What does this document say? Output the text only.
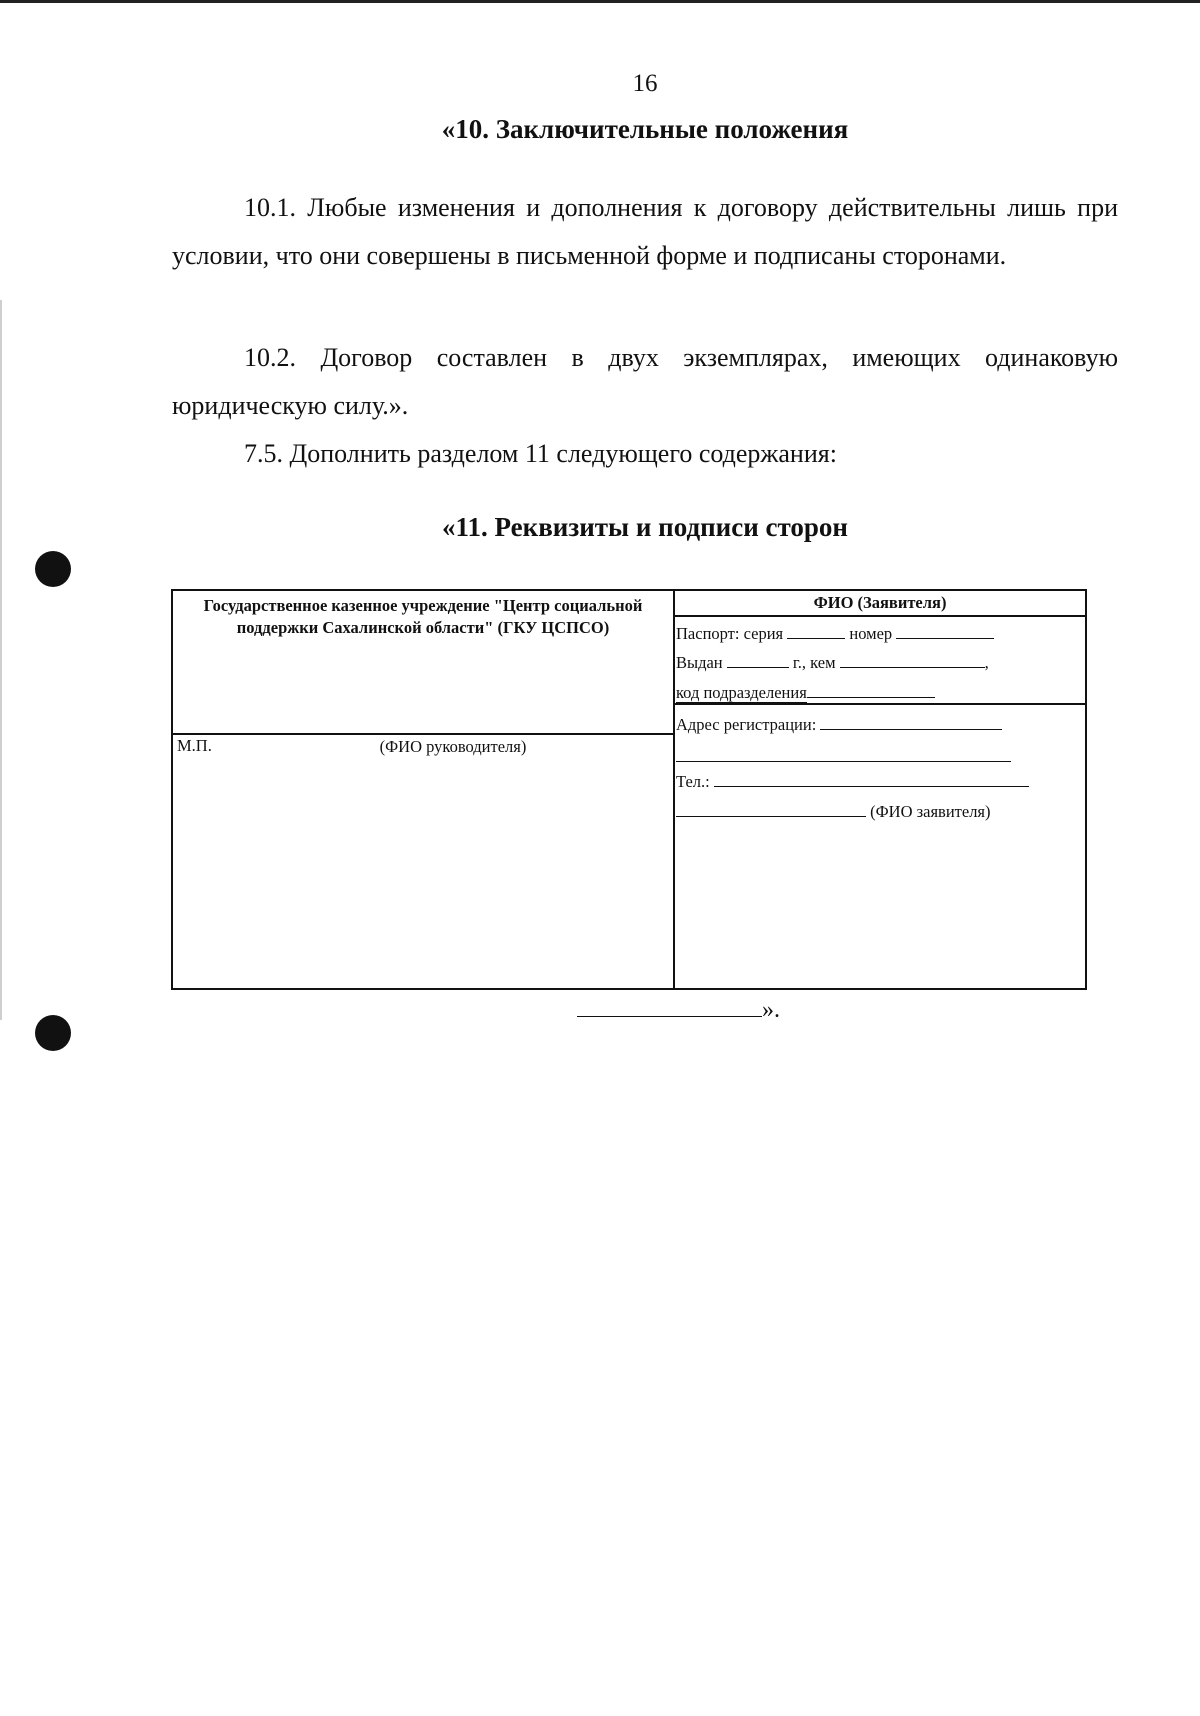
16
«10. Заключительные положения
10.1. Любые изменения и дополнения к договору действительны лишь при условии, что они совершены в письменной форме и подписаны сторонами.
10.2. Договор составлен в двух экземплярах, имеющих одинаковую юридическую силу.».
7.5. Дополнить разделом 11 следующего содержания:
«11. Реквизиты и подписи сторон
Государственное казенное учреждение "Центр социальной поддержки Сахалинской области" (ГКУ ЦСПСО)
М.П.	(ФИО руководителя)
ФИО (Заявителя)
Паспорт: серия	номер
Выдан	г., кем	,
код подразделения
Адрес регистрации:
Тел.:
(ФИО заявителя)
».
